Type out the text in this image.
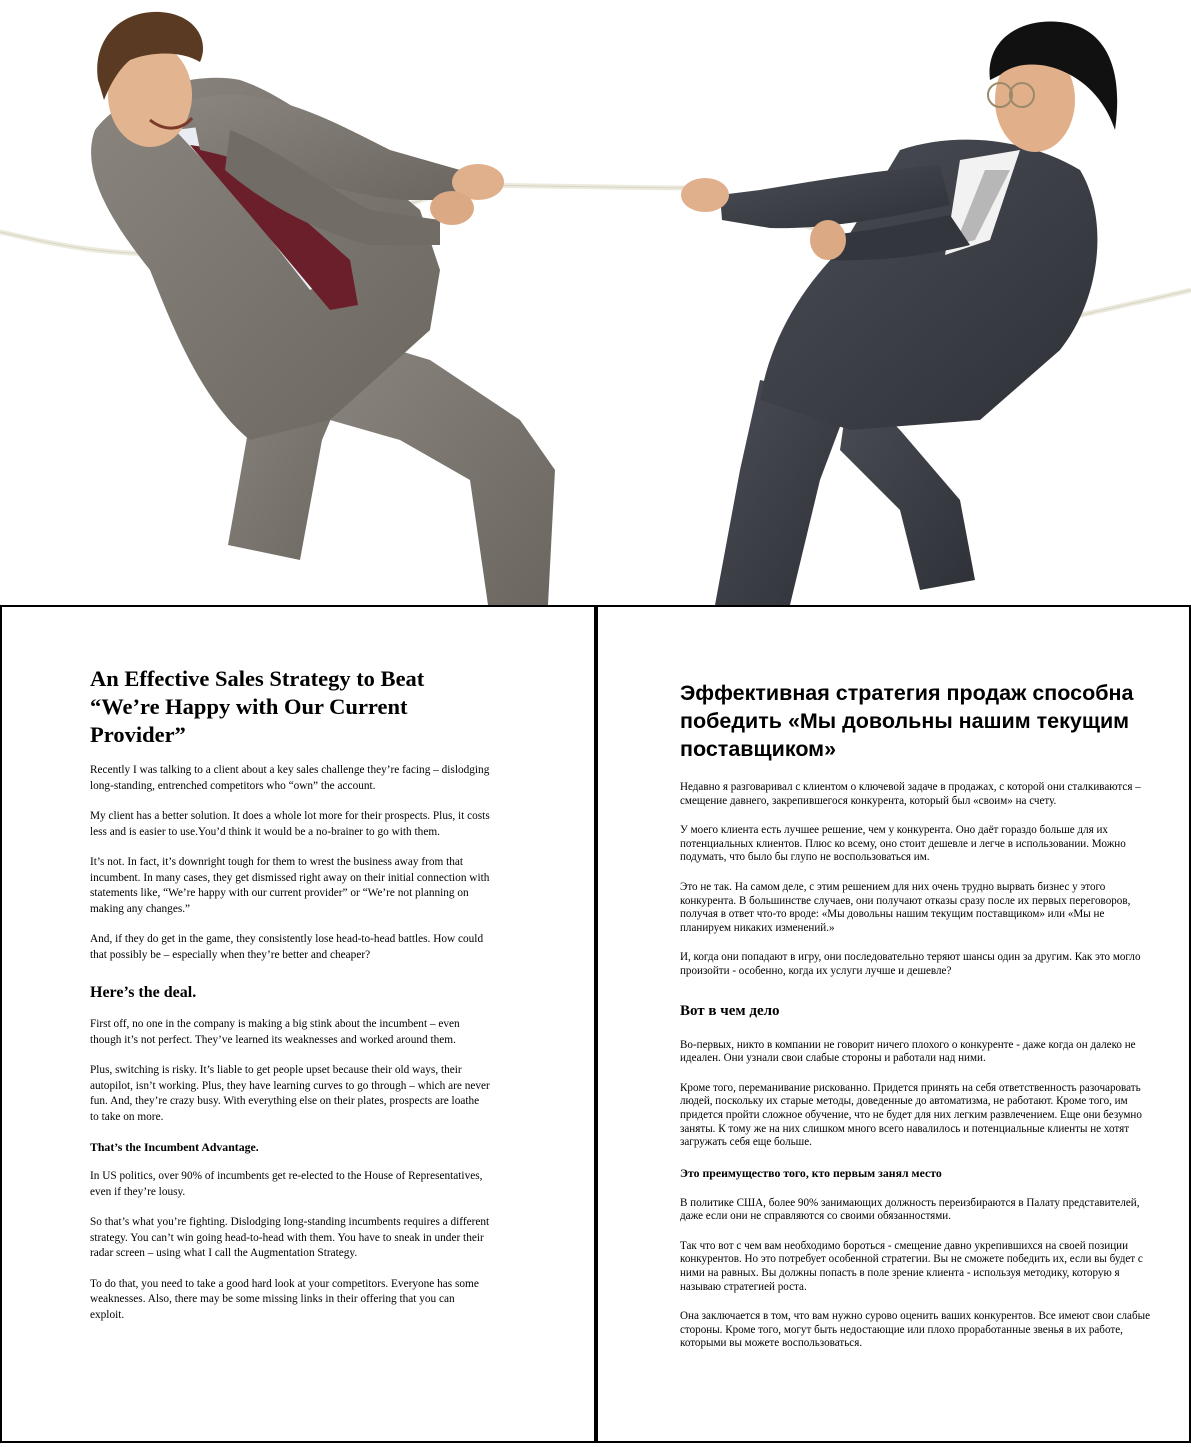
An Effective Sales Strategy to Beat “We’re Happy with Our Current Provider”

Recently I was talking to a client about a key sales challenge they’re facing – dislodging long-standing, entrenched competitors who “own” the account.

My client has a better solution. It does a whole lot more for their prospects. Plus, it costs less and is easier to use.You’d think it would be a no-brainer to go with them.

It’s not. In fact, it’s downright tough for them to wrest the business away from that incumbent. In many cases, they get dismissed right away on their initial connection with statements like, “We’re happy with our current provider” or “We’re not planning on making any changes.”

And, if they do get in the game, they consistently lose head-to-head battles. How could that possibly be – especially when they’re better and cheaper?

Here’s the deal.

First off, no one in the company is making a big stink about the incumbent – even though it’s not perfect. They’ve learned its weaknesses and worked around them.

Plus, switching is risky. It’s liable to get people upset because their old ways, their autopilot, isn’t working. Plus, they have learning curves to go through – which are never fun. And, they’re crazy busy. With everything else on their plates, prospects are loathe to take on more.

That’s the Incumbent Advantage.

In US politics, over 90% of incumbents get re-elected to the House of Representatives, even if they’re lousy.

So that’s what you’re fighting. Dislodging long-standing incumbents requires a different strategy. You can’t win going head-to-head with them. You have to sneak in under their radar screen – using what I call the Augmentation Strategy.

To do that, you need to take a good hard look at your competitors. Everyone has some weaknesses. Also, there may be some missing links in their offering that you can exploit.

Эффективная стратегия продаж способна победить «Мы довольны нашим текущим поставщиком»

Недавно я разговаривал с клиентом о ключевой задаче в продажах, с которой они сталкиваются – смещение давнего, закрепившегося конкурента, который был «своим» на счету.

У моего клиента есть лучшее решение, чем у конкурента. Оно даёт гораздо больше для их потенциальных клиентов. Плюс ко всему, оно стоит дешевле и легче в использовании. Можно подумать, что было бы глупо не воспользоваться им.

Это не так. На самом деле, с этим решением для них очень трудно вырвать бизнес у этого конкурента. В большинстве случаев, они получают отказы сразу после их первых переговоров, получая в ответ что-то вроде: «Мы довольны нашим текущим поставщиком» или «Мы не планируем никаких изменений.»

И, когда они попадают в игру, они последовательно теряют шансы один за другим. Как это могло произойти - особенно, когда их услуги лучше и дешевле?

Вот в чем дело

Во-первых, никто в компании не говорит ничего плохого о конкуренте - даже когда он далеко не идеален. Они узнали свои слабые стороны и работали над ними.

Кроме того, переманивание рискованно. Придется принять на себя ответственность разочаровать людей, поскольку их старые методы, доведенные до автоматизма, не работают. Кроме того, им придется пройти сложное обучение, что не будет для них легким развлечением. Еще они безумно заняты. К тому же на них слишком много всего навалилось и потенциальные клиенты не хотят загружать себя еще больше.

Это преимущество того, кто первым занял место

В политике США, более 90% занимающих должность переизбираются в Палату представителей, даже если они не справляются со своими обязанностями.

Так что вот с чем вам необходимо бороться - смещение давно укрепившихся на своей позиции конкурентов. Но это потребует особенной стратегии. Вы не сможете победить их, если вы будет с ними на равных. Вы должны попасть в поле зрение клиента - используя методику, которую я называю стратегией роста.

Она заключается в том, что вам нужно сурово оценить ваших конкурентов. Все имеют свои слабые стороны. Кроме того, могут быть недостающие или плохо проработанные звенья в их работе, которыми вы можете воспользоваться.
